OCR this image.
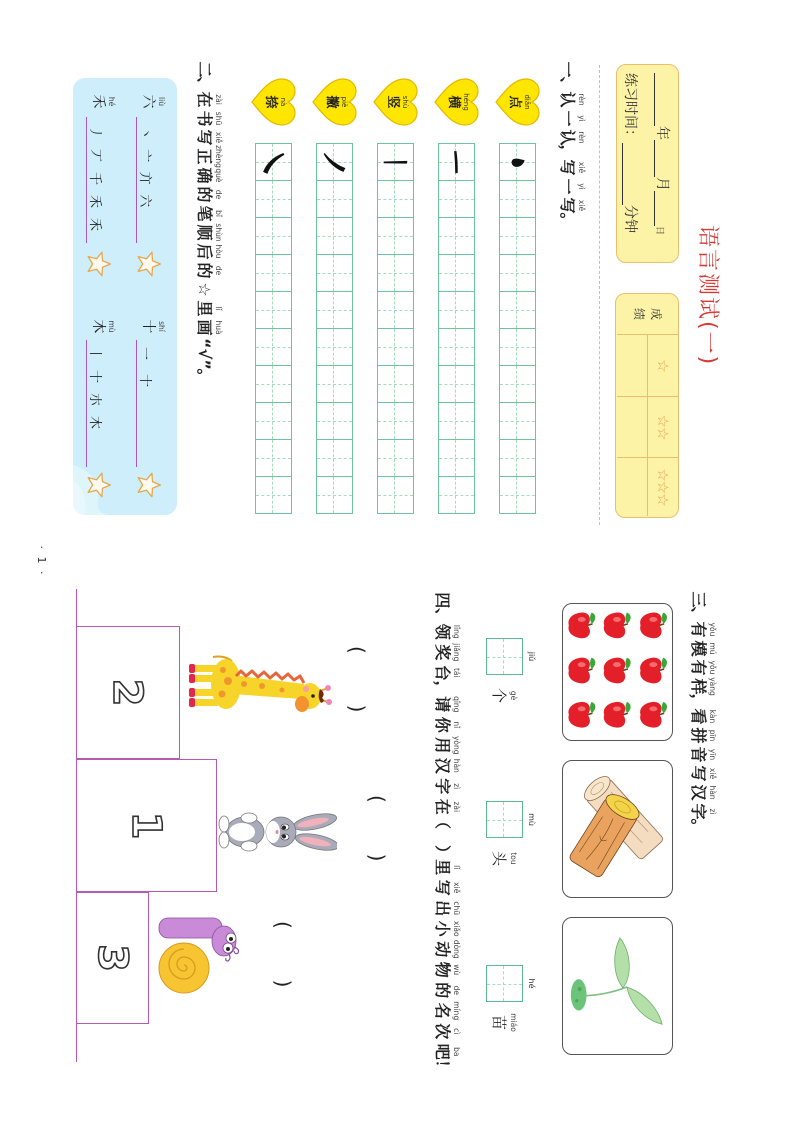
语言测试(一)
年
月
日
练习时间：
分钟
成绩
☆
☆☆
☆☆☆
一
、
rèn
认
yì
一
rèn
认
，
xiě
写
yì
一
xiě
写
。
diǎn
点
héng
横
shù
竖
piě
撇
nà
捺
二
、
zài
在
shū
书
xiě
写
zhèng
正
què
确
de
的
bǐ
笔
shùn
顺
hòu
后
de
的
☆
lǐ
里
huà
画
“√”
。
liù
六
丶
亠
亣
六
shí
十
一
十
hé
禾
丿
丆
千
禾
禾
mù
木
丨
十
朩
木
· 1 ·
三
、
yǒu
有
mú
模
yǒu
有
yàng
样
，
kàn
看
pīn
拼
yīn
音
xiě
写
hàn
汉
zì
字
。
jiǔ
gè
个
mù
tou
头
hé
miáo
苗
四
、
lǐng
领
jiǎng
奖
tái
台
，
qǐng
请
nǐ
你
yòng
用
hàn
汉
zì
字
zài
在
（　）
lǐ
里
xiě
写
chū
出
xiǎo
小
dòng
动
wù
物
de
的
míng
名
cì
次
ba
吧
！
(        )
(        )
(        )
2
1
3
